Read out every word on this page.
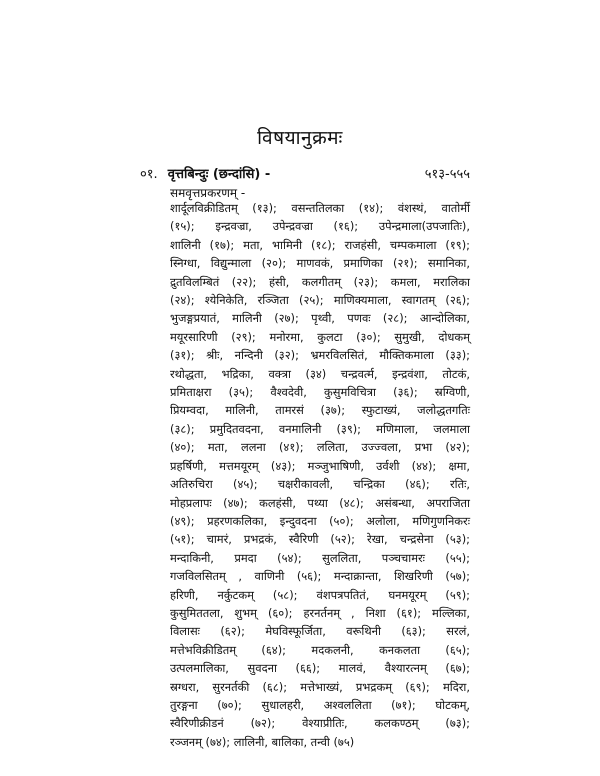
विषयानुक्रमः
०१. वृत्तबिन्दुः (छन्दांसि) -	५१३-५५५
समवृत्तप्रकरणम् -
शार्दूलविक्रीडितम् (१३); वसन्ततिलका (१४); वंशस्थं, वातोर्मी
(१५); इन्द्रवज्रा, उपेन्द्रवज्रा (१६); उपेन्द्रमाला(उपजातिः),
शालिनी (१७); मता, भामिनी (१८); राजहंसी, चम्पकमाला (१९);
स्निग्धा, विद्युन्माला (२०); माणवकं, प्रमाणिका (२१); समानिका,
द्रुतविलम्बितं (२२); हंसी, कलगीतम् (२३); कमला, मरालिका
(२४); श्येनिकेति, रञ्जिता (२५); माणिक्यमाला, स्वागतम् (२६);
भुजङ्गप्रयातं, मालिनी (२७); पृथ्वी, पणवः (२८); आन्दोलिका,
मयूरसारिणी (२९); मनोरमा, कुलटा (३०); सुमुखी, दोधकम्
(३१); श्रीः, नन्दिनी (३२); भ्रमरविलसितं, मौक्तिकमाला (३३);
रथोद्धता, भद्रिका, वक्त्रा (३४) चन्द्रवर्त्म, इन्द्रवंशा, तोटकं,
प्रमिताक्षरा (३५); वैश्वदेवी, कुसुमविचित्रा (३६); स्रग्विणी,
प्रियम्वदा, मालिनी, तामरसं (३७); स्फुटाख्यं, जलोद्धतगतिः
(३८); प्रमुदितवदना, वनमालिनी (३९); मणिमाला, जलमाला
(४०); मता, ललना (४१); ललिता, उज्ज्वला, प्रभा (४२);
प्रहर्षिणी, मत्तमयूरम् (४३); मञ्जुभाषिणी, उर्वशी (४४); क्षमा,
अतिरुचिरा (४५); चक्षरीकावली, चन्द्रिका (४६); रतिः,
मोहप्रलापः (४७); कलहंसी, पथ्या (४८); असंबन्धा, अपराजिता
(४९); प्रहरणकलिका, इन्दुवदना (५०); अलोला, मणिगुणनिकरः
(५१); चामरं, प्रभद्रकं, स्वैरिणी (५२); रेखा, चन्द्रसेना (५३);
मन्दाकिनी, प्रमदा (५४); सुललिता, पञ्चचामरः (५५);
गजविलसितम् , वाणिनी (५६); मन्दाक्रान्ता, शिखरिणी (५७);
हरिणी, नर्कुटकम् (५८); वंशपत्रपतितं, घनमयूरम् (५९);
कुसुमिततला, शुभम् (६०); हरनर्तनम् , निशा (६१); मल्लिका,
विलासः (६२); मेघविस्फूर्जिता, वरूथिनी (६३); सरलं,
मत्तेभविक्रीडितम् (६४); मदकलनी, कनकलता (६५);
उत्पलमालिका, सुवदना (६६); मालवं, वैश्यारत्नम् (६७);
स्रग्धरा, सुरनर्तकी (६८); मत्तेभाख्यं, प्रभद्रकम् (६९); मदिरा,
तुरङ्गना (७०); सुधालहरी, अश्वललिता (७१); घोटकम्,
स्वैरिणीक्रीडनं (७२); वेश्याप्रीतिः, कलकण्ठम् (७३);
रञ्जनम् (७४); लालिनी, बालिका, तन्वी (७५)
